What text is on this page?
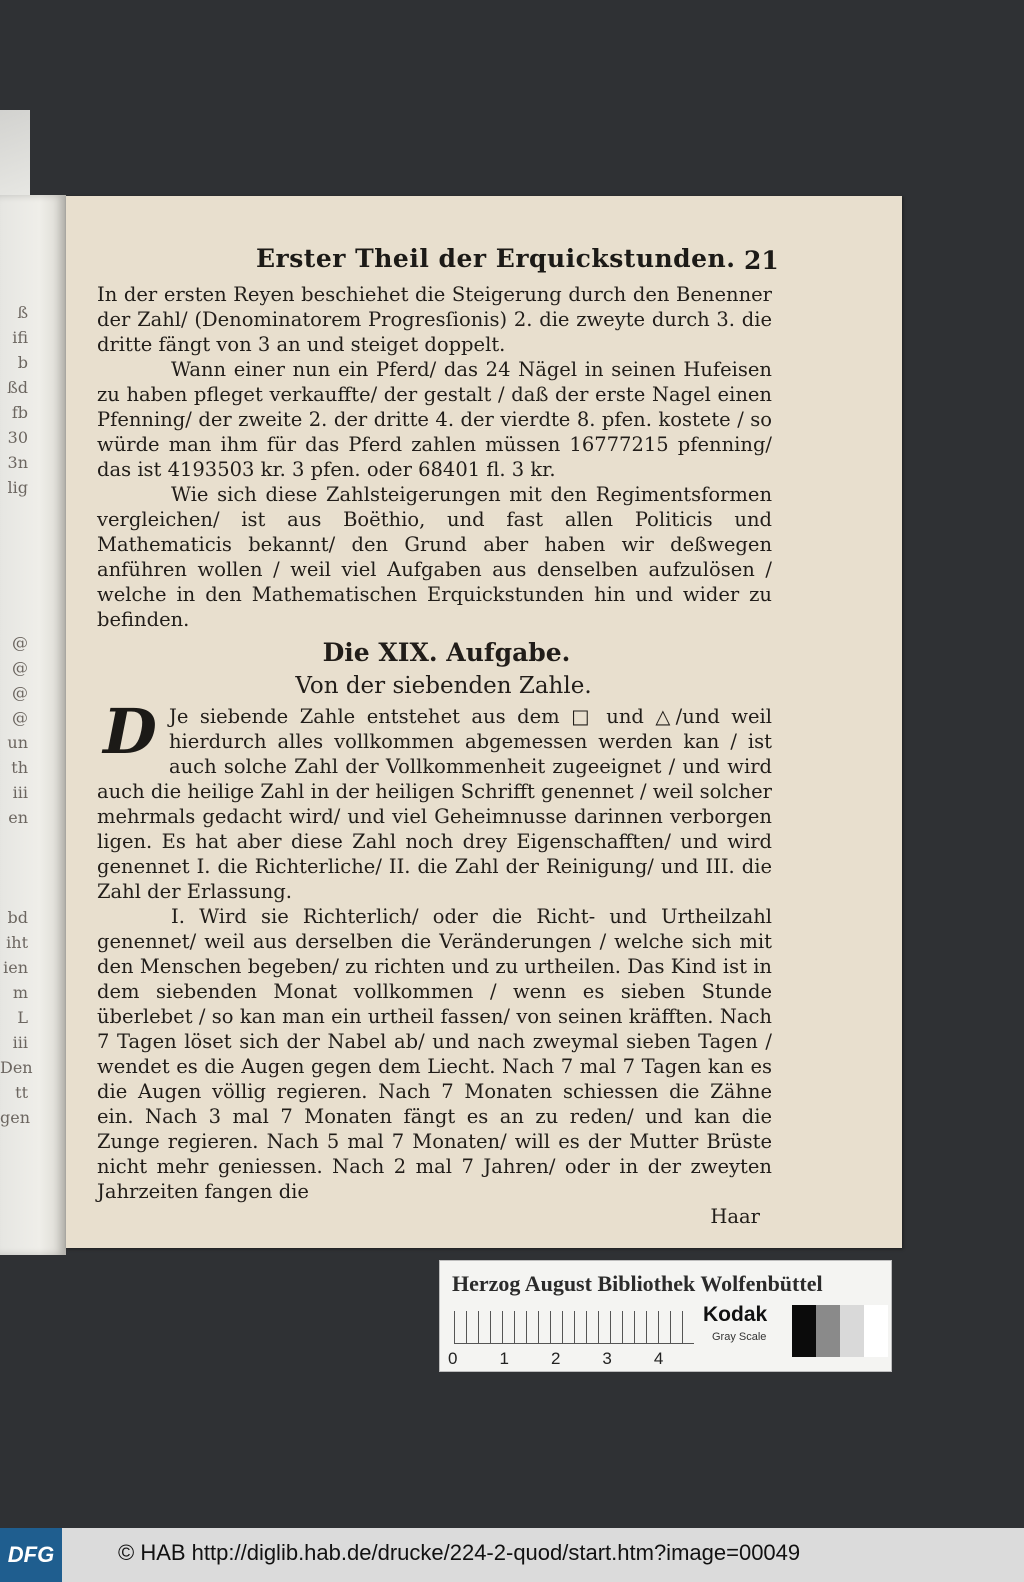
ß
ifi
b
ßd
fb
30
3n
lig
@
@
@
@
un
th
iii
en
bd
iht
ien
m
L
iii
Den
tt
gen
Erster Theil der Erquickstunden. 21

In der ersten Reyen beschiehet die Steigerung durch den Benenner der Zahl/ (Denominatorem Progresſionis) 2. die zweyte durch 3. die dritte fängt von 3 an und steiget doppelt.

Wann einer nun ein Pferd/ das 24 Nägel in seinen Hufeisen zu haben pfleget verkauffte/ der gestalt / daß der erste Nagel einen Pfenning/ der zweite 2. der dritte 4. der vierdte 8. pfen. kostete / so würde man ihm für das Pferd zahlen müssen 16777215 pfenning/ das ist 4193503 kr. 3 pfen. oder 68401 fl. 3 kr.

Wie sich diese Zahlsteigerungen mit den Regimentsformen vergleichen/ ist aus Boëthio, und fast allen Politicis und Mathematicis bekannt/ den Grund aber haben wir deßwegen anführen wollen / weil viel Aufgaben aus denselben aufzulösen / welche in den Mathematischen Erquickstunden hin und wider zu befinden.

Die XIX. Aufgabe.
Von der siebenden Zahle.

D Je siebende Zahle entstehet aus dem □ und △/und weil hierdurch alles vollkommen abgemessen werden kan / ist auch solche Zahl der Vollkommenheit zugeeignet / und wird auch die heilige Zahl in der heiligen Schrifft genennet / weil solcher mehrmals gedacht wird/ und viel Geheimnusse darinnen verborgen ligen. Es hat aber diese Zahl noch drey Eigenschafften/ und wird genennet I. die Richterliche/ II. die Zahl der Reinigung/ und III. die Zahl der Erlassung.

I. Wird sie Richterlich/ oder die Richt- und Urtheilzahl genennet/ weil aus derselben die Veränderungen / welche sich mit den Menschen begeben/ zu richten und zu urtheilen. Das Kind ist in dem siebenden Monat vollkommen / wenn es sieben Stunde überlebet / so kan man ein urtheil fassen/ von seinen kräfften. Nach 7 Tagen löset sich der Nabel ab/ und nach zweymal sieben Tagen / wendet es die Augen gegen dem Liecht. Nach 7 mal 7 Tagen kan es die Augen völlig regieren. Nach 7 Monaten schiessen die Zähne ein. Nach 3 mal 7 Monaten fängt es an zu reden/ und kan die Zunge regieren. Nach 5 mal 7 Monaten/ will es der Mutter Brüste nicht mehr geniessen. Nach 2 mal 7 Jahren/ oder in der zweyten Jahrzeiten fangen die

Haar

Herzog August Bibliothek Wolfenbüttel
0 1 2 3 4
Kodak
Gray Scale
DFG	© HAB http://diglib.hab.de/drucke/224-2-quod/start.htm?image=00049
